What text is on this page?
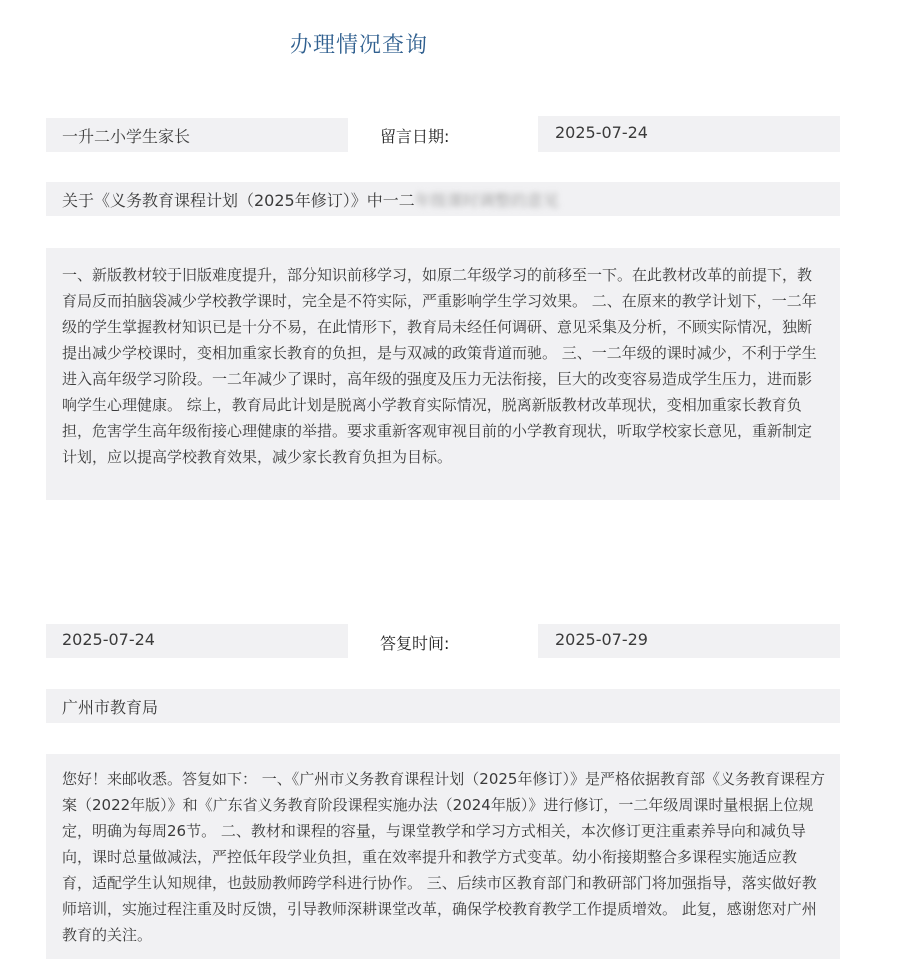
办理情况查询
一升二小学生家长	留言日期:	2025-07-24
关于《义务教育课程计划（2025年修订）》中一二年级课时调整的意见
一、新版教材较于旧版难度提升，部分知识前移学习，如原二年级学习的前移至一下。在此教材改革的前提下，教育局反而拍脑袋减少学校教学课时，完全是不符实际，严重影响学生学习效果。 二、在原来的教学计划下，一二年级的学生掌握教材知识已是十分不易，在此情形下，教育局未经任何调研、意见采集及分析，不顾实际情况，独断提出减少学校课时，变相加重家长教育的负担，是与双减的政策背道而驰。 三、一二年级的课时减少，不利于学生进入高年级学习阶段。一二年减少了课时，高年级的强度及压力无法衔接，巨大的改变容易造成学生压力，进而影响学生心理健康。 综上，教育局此计划是脱离小学教育实际情况，脱离新版教材改革现状，变相加重家长教育负担，危害学生高年级衔接心理健康的举措。要求重新客观审视目前的小学教育现状，听取学校家长意见，重新制定计划，应以提高学校教育效果，减少家长教育负担为目标。
2025-07-24	答复时间:	2025-07-29
广州市教育局
您好！来邮收悉。答复如下： 一、《广州市义务教育课程计划（2025年修订）》是严格依据教育部《义务教育课程方案（2022年版）》和《广东省义务教育阶段课程实施办法（2024年版）》进行修订，一二年级周课时量根据上位规定，明确为每周26节。 二、教材和课程的容量，与课堂教学和学习方式相关，本次修订更注重素养导向和减负导向，课时总量做减法，严控低年段学业负担，重在效率提升和教学方式变革。幼小衔接期整合多课程实施适应教育，适配学生认知规律，也鼓励教师跨学科进行协作。 三、后续市区教育部门和教研部门将加强指导，落实做好教师培训，实施过程注重及时反馈，引导教师深耕课堂改革，确保学校教育教学工作提质增效。 此复，感谢您对广州教育的关注。
